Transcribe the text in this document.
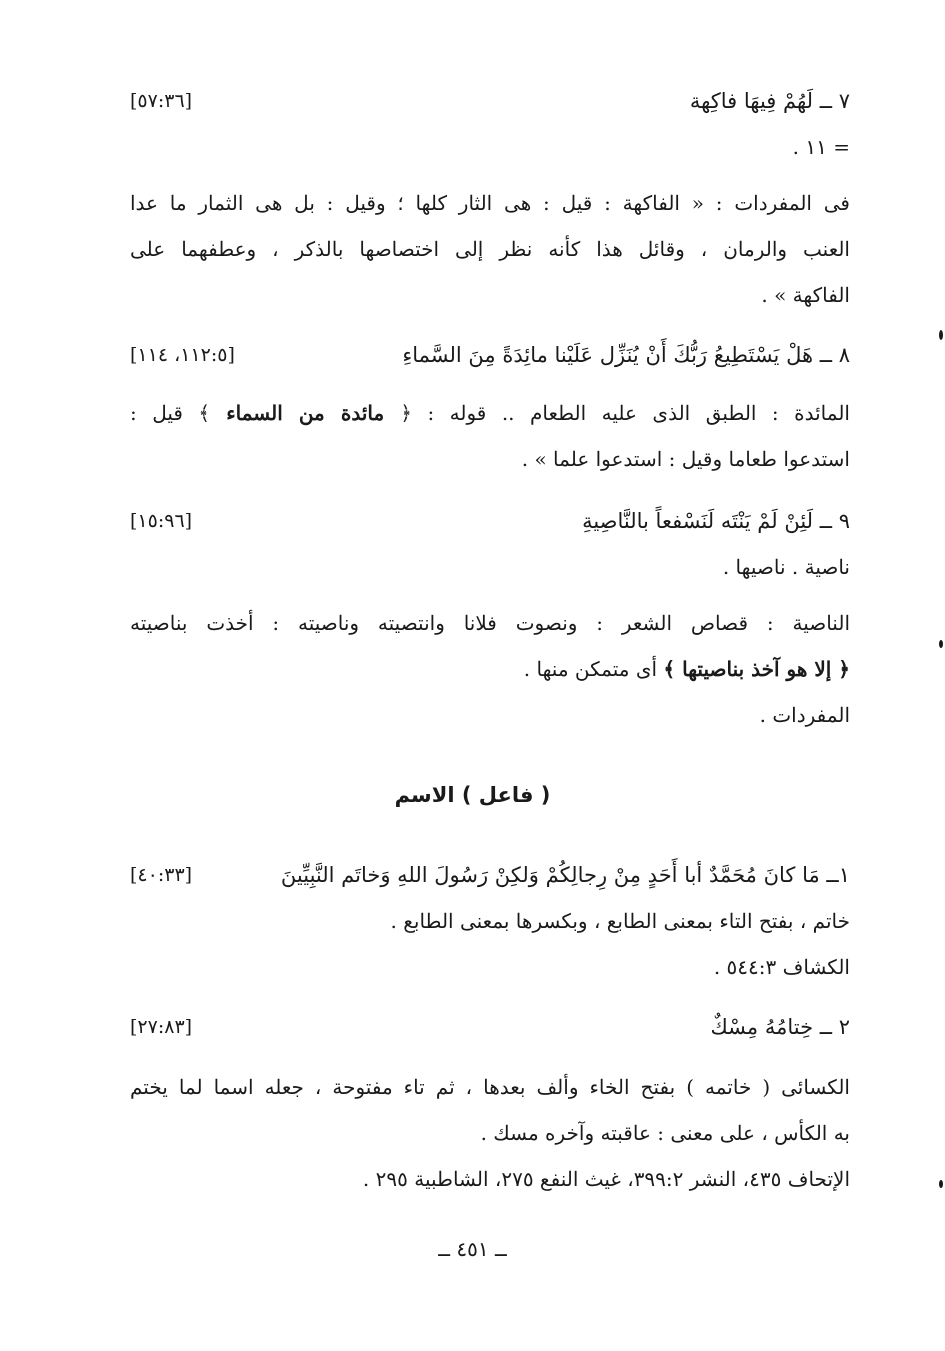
٧ ــ لَهُمْ فِيهَا فاكِهة
[٥٧:٣٦]
= ١١ .
فى المفردات : « الفاكهة : قيل : هى الثار كلها ؛ وقيل : بل هى الثمار ما عدا
العنب والرمان ، وقائل هذا كأنه نظر إلى اختصاصها بالذكر ، وعطفهما على
الفاكهة » .
٨ ــ هَلْ يَسْتَطِيعُ رَبُّكَ أَنْ يُنَزِّل عَلَيْنا مائِدَةً مِنَ السَّماءِ
[١١٢:٥، ١١٤]
المائدة : الطبق الذى عليه الطعام .. قوله : ﴿ مائدة من السماء ﴾ قيل :
استدعوا طعاما وقيل : استدعوا علما » .
٩ ــ لَئِنْ لَمْ يَنْتَه لَنَسْفعاً بالنَّاصِيةِ
[١٥:٩٦]
ناصية . ناصيها .
الناصية : قصاص الشعر : ونصوت فلانا وانتصيته وناصيته : أخذت بناصيته
﴿ إلا هو آخذ بناصيتها ﴾ أى متمكن منها .
المفردات .
( فاعل ) الاسم
١ــ مَا كانَ مُحَمَّدٌ أبا أَحَدٍ مِنْ رِجالِكُمْ وَلكِنْ رَسُولَ اللهِ وَخاتَم النَّبِيِّينَ
[٤٠:٣٣]
خاتم ، بفتح التاء بمعنى الطابع ، وبكسرها بمعنى الطابع .
الكشاف ٥٤٤:٣ .
٢ ــ خِتامُهُ مِسْكٌ
[٢٧:٨٣]
الكسائى ( خاتمه ) بفتح الخاء وألف بعدها ، ثم تاء مفتوحة ، جعله اسما لما يختم
به الكأس ، على معنى : عاقبته وآخره مسك .
الإتحاف ٤٣٥، النشر ٣٩٩:٢، غيث النفع ٢٧٥، الشاطبية ٢٩٥ .
ــ ٤٥١ ــ
